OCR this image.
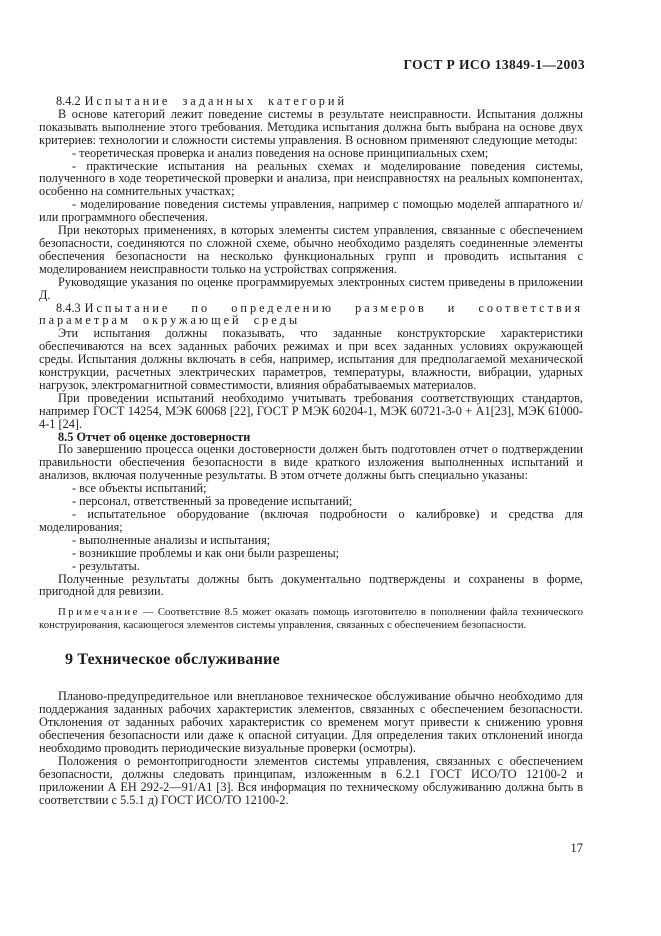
ГОСТ Р ИСО 13849-1—2003

8.4.2 Испытание заданных категорий

В основе категорий лежит поведение системы в результате неисправности. Испытания должны показывать выполнение этого требования. Методика испытания должна быть выбрана на основе двух критериев: технологии и сложности системы управления. В основном применяют следующие методы:

- теоретическая проверка и анализ поведения на основе принципиальных схем;

- практические испытания на реальных схемах и моделирование поведения системы, полученного в ходе теоретической проверки и анализа, при неисправностях на реальных компонентах, особенно на сомнительных участках;

- моделирование поведения системы управления, например с помощью моделей аппаратного и/или программного обеспечения.

При некоторых применениях, в которых элементы систем управления, связанные с обеспечением безопасности, соединяются по сложной схеме, обычно необходимо разделять соединенные элементы обеспечения безопасности на несколько функциональных групп и проводить испытания с моделированием неисправности только на устройствах сопряжения.

Руководящие указания по оценке программируемых электронных систем приведены в приложении Д.

8.4.3 Испытание по определению размеров и соответствия параметрам окружающей среды

Эти испытания должны показывать, что заданные конструкторские характеристики обеспечиваются на всех заданных рабочих режимах и при всех заданных условиях окружающей среды. Испытания должны включать в себя, например, испытания для предполагаемой механической конструкции, расчетных электрических параметров, температуры, влажности, вибрации, ударных нагрузок, электромагнитной совместимости, влияния обрабатываемых материалов.

При проведении испытаний необходимо учитывать требования соответствующих стандартов, например ГОСТ 14254, МЭК 60068 [22], ГОСТ Р МЭК 60204-1, МЭК 60721-3-0 + А1[23], МЭК 61000-4-1 [24].

8.5 Отчет об оценке достоверности

По завершению процесса оценки достоверности должен быть подготовлен отчет о подтверждении правильности обеспечения безопасности в виде краткого изложения выполненных испытаний и анализов, включая полученные результаты. В этом отчете должны быть специально указаны:

- все объекты испытаний;

- персонал, ответственный за проведение испытаний;

- испытательное оборудование (включая подробности о калибровке) и средства для моделирования;

- выполненные анализы и испытания;

- возникшие проблемы и как они были разрешены;

- результаты.

Полученные результаты должны быть документально подтверждены и сохранены в форме, пригодной для ревизии.

Примечание — Соответствие 8.5 может оказать помощь изготовителю в пополнении файла технического конструирования, касающегося элементов системы управления, связанных с обеспечением безопасности.

9 Техническое обслуживание

Планово-предупредительное или внеплановое техническое обслуживание обычно необходимо для поддержания заданных рабочих характеристик элементов, связанных с обеспечением безопасности. Отклонения от заданных рабочих характеристик со временем могут привести к снижению уровня обеспечения безопасности или даже к опасной ситуации. Для определения таких отклонений иногда необходимо проводить периодические визуальные проверки (осмотры).

Положения о ремонтопригодности элементов системы управления, связанных с обеспечением безопасности, должны следовать принципам, изложенным в 6.2.1 ГОСТ ИСО/ТО 12100-2 и приложении А ЕН 292-2—91/А1 [3]. Вся информация по техническому обслуживанию должна быть в соответствии с 5.5.1 д) ГОСТ ИСО/ТО 12100-2.

17
